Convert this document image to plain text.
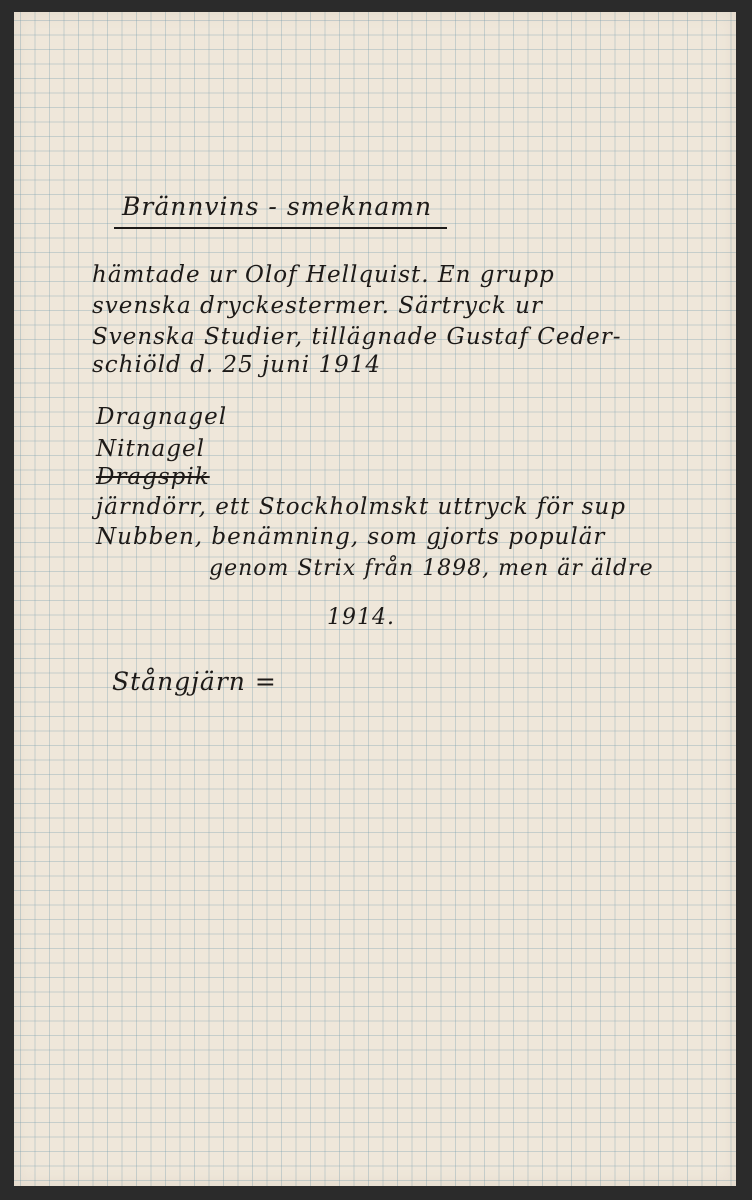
Brännvins - smeknamn
hämtade ur Olof Hellquist. En grupp
svenska dryckestermer. Särtryck ur
Svenska Studier, tillägnade Gustaf Ceder-
schiöld d. 25 juni 1914
Dragnagel
Nitnagel
Dragspik
järndörr, ett Stockholmskt uttryck för sup
Nubben, benämning, som gjorts populär
genom Strix från 1898, men är äldre
1914.
Stångjärn =
